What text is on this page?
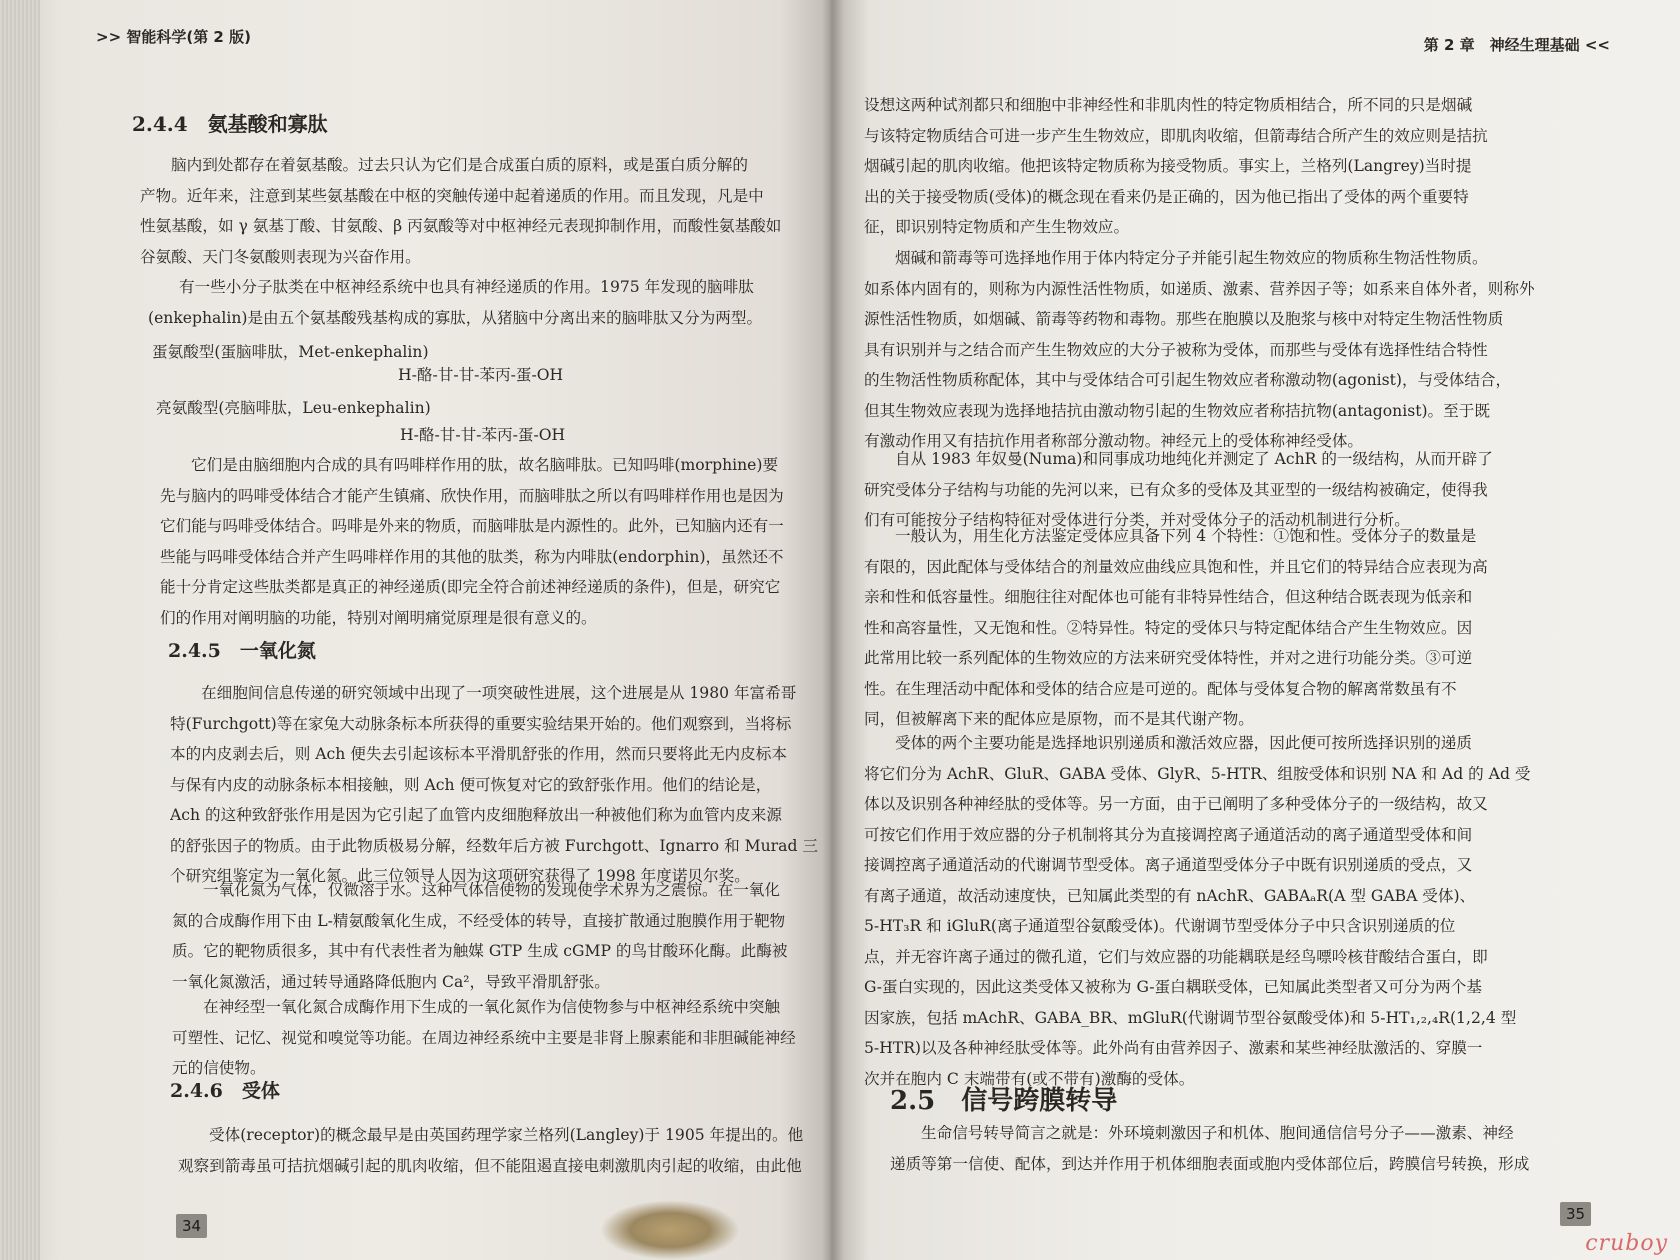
>> 智能科学(第 2 版)
2.4.4　氨基酸和寡肽
脑内到处都存在着氨基酸。过去只认为它们是合成蛋白质的原料，或是蛋白质分解的
产物。近年来，注意到某些氨基酸在中枢的突触传递中起着递质的作用。而且发现，凡是中
性氨基酸，如 γ 氨基丁酸、甘氨酸、β 丙氨酸等对中枢神经元表现抑制作用，而酸性氨基酸如
谷氨酸、天门冬氨酸则表现为兴奋作用。
有一些小分子肽类在中枢神经系统中也具有神经递质的作用。1975 年发现的脑啡肽
(enkephalin)是由五个氨基酸残基构成的寡肽，从猪脑中分离出来的脑啡肽又分为两型。
蛋氨酸型(蛋脑啡肽，Met-enkephalin)
H-酪-甘-甘-苯丙-蛋-OH
亮氨酸型(亮脑啡肽，Leu-enkephalin)
H-酪-甘-甘-苯丙-蛋-OH
它们是由脑细胞内合成的具有吗啡样作用的肽，故名脑啡肽。已知吗啡(morphine)要
先与脑内的吗啡受体结合才能产生镇痛、欣快作用，而脑啡肽之所以有吗啡样作用也是因为
它们能与吗啡受体结合。吗啡是外来的物质，而脑啡肽是内源性的。此外，已知脑内还有一
些能与吗啡受体结合并产生吗啡样作用的其他的肽类，称为内啡肽(endorphin)，虽然还不
能十分肯定这些肽类都是真正的神经递质(即完全符合前述神经递质的条件)，但是，研究它
们的作用对阐明脑的功能，特别对阐明痛觉原理是很有意义的。
2.4.5　一氧化氮
在细胞间信息传递的研究领域中出现了一项突破性进展，这个进展是从 1980 年富希哥
特(Furchgott)等在家兔大动脉条标本所获得的重要实验结果开始的。他们观察到，当将标
本的内皮剥去后，则 Ach 便失去引起该标本平滑肌舒张的作用，然而只要将此无内皮标本
与保有内皮的动脉条标本相接触，则 Ach 便可恢复对它的致舒张作用。他们的结论是，
Ach 的这种致舒张作用是因为它引起了血管内皮细胞释放出一种被他们称为血管内皮来源
的舒张因子的物质。由于此物质极易分解，经数年后方被 Furchgott、Ignarro 和 Murad 三
个研究组鉴定为一氧化氮。此三位领导人因为这项研究获得了 1998 年度诺贝尔奖。
一氧化氮为气体，仅微溶于水。这种气体信使物的发现使学术界为之震惊。在一氧化
氮的合成酶作用下由 L-精氨酸氧化生成，不经受体的转导，直接扩散通过胞膜作用于靶物
质。它的靶物质很多，其中有代表性者为触媒 GTP 生成 cGMP 的鸟甘酸环化酶。此酶被
一氧化氮激活，通过转导通路降低胞内 Ca²，导致平滑肌舒张。
在神经型一氧化氮合成酶作用下生成的一氧化氮作为信使物参与中枢神经系统中突触
可塑性、记忆、视觉和嗅觉等功能。在周边神经系统中主要是非肾上腺素能和非胆碱能神经
元的信使物。
2.4.6　受体
受体(receptor)的概念最早是由英国药理学家兰格列(Langley)于 1905 年提出的。他
观察到箭毒虽可拮抗烟碱引起的肌肉收缩，但不能阻遏直接电刺激肌肉引起的收缩，由此他
34
第 2 章　神经生理基础 <<
设想这两种试剂都只和细胞中非神经性和非肌肉性的特定物质相结合，所不同的只是烟碱
与该特定物质结合可进一步产生生物效应，即肌肉收缩，但箭毒结合所产生的效应则是拮抗
烟碱引起的肌肉收缩。他把该特定物质称为接受物质。事实上，兰格列(Langrey)当时提
出的关于接受物质(受体)的概念现在看来仍是正确的，因为他已指出了受体的两个重要特
征，即识别特定物质和产生生物效应。
烟碱和箭毒等可选择地作用于体内特定分子并能引起生物效应的物质称生物活性物质。
如系体内固有的，则称为内源性活性物质，如递质、激素、营养因子等；如系来自体外者，则称外
源性活性物质，如烟碱、箭毒等药物和毒物。那些在胞膜以及胞浆与核中对特定生物活性物质
具有识别并与之结合而产生生物效应的大分子被称为受体，而那些与受体有选择性结合特性
的生物活性物质称配体，其中与受体结合可引起生物效应者称激动物(agonist)，与受体结合，
但其生物效应表现为选择地拮抗由激动物引起的生物效应者称拮抗物(antagonist)。至于既
有激动作用又有拮抗作用者称部分激动物。神经元上的受体称神经受体。
自从 1983 年奴曼(Numa)和同事成功地纯化并测定了 AchR 的一级结构，从而开辟了
研究受体分子结构与功能的先河以来，已有众多的受体及其亚型的一级结构被确定，使得我
们有可能按分子结构特征对受体进行分类，并对受体分子的活动机制进行分析。
一般认为，用生化方法鉴定受体应具备下列 4 个特性：①饱和性。受体分子的数量是
有限的，因此配体与受体结合的剂量效应曲线应具饱和性，并且它们的特异结合应表现为高
亲和性和低容量性。细胞往往对配体也可能有非特异性结合，但这种结合既表现为低亲和
性和高容量性，又无饱和性。②特异性。特定的受体只与特定配体结合产生生物效应。因
此常用比较一系列配体的生物效应的方法来研究受体特性，并对之进行功能分类。③可逆
性。在生理活动中配体和受体的结合应是可逆的。配体与受体复合物的解离常数虽有不
同，但被解离下来的配体应是原物，而不是其代谢产物。
受体的两个主要功能是选择地识别递质和激活效应器，因此便可按所选择识别的递质
将它们分为 AchR、GluR、GABA 受体、GlyR、5-HTR、组胺受体和识别 NA 和 Ad 的 Ad 受
体以及识别各种神经肽的受体等。另一方面，由于已阐明了多种受体分子的一级结构，故又
可按它们作用于效应器的分子机制将其分为直接调控离子通道活动的离子通道型受体和间
接调控离子通道活动的代谢调节型受体。离子通道型受体分子中既有识别递质的受点，又
有离子通道，故活动速度快，已知属此类型的有 nAchR、GABAₐR(A 型 GABA 受体)、
5-HT₃R 和 iGluR(离子通道型谷氨酸受体)。代谢调节型受体分子中只含识别递质的位
点，并无容许离子通过的微孔道，它们与效应器的功能耦联是经鸟嘌呤核苷酸结合蛋白，即
G-蛋白实现的，因此这类受体又被称为 G-蛋白耦联受体，已知属此类型者又可分为两个基
因家族，包括 mAchR、GABA_BR、mGluR(代谢调节型谷氨酸受体)和 5-HT₁,₂,₄R(1,2,4 型
5-HTR)以及各种神经肽受体等。此外尚有由营养因子、激素和某些神经肽激活的、穿膜一
次并在胞内 C 末端带有(或不带有)激酶的受体。
2.5　信号跨膜转导
生命信号转导简言之就是：外环境刺激因子和机体、胞间通信信号分子——激素、神经
递质等第一信使、配体，到达并作用于机体细胞表面或胞内受体部位后，跨膜信号转换，形成
35
cruboy
